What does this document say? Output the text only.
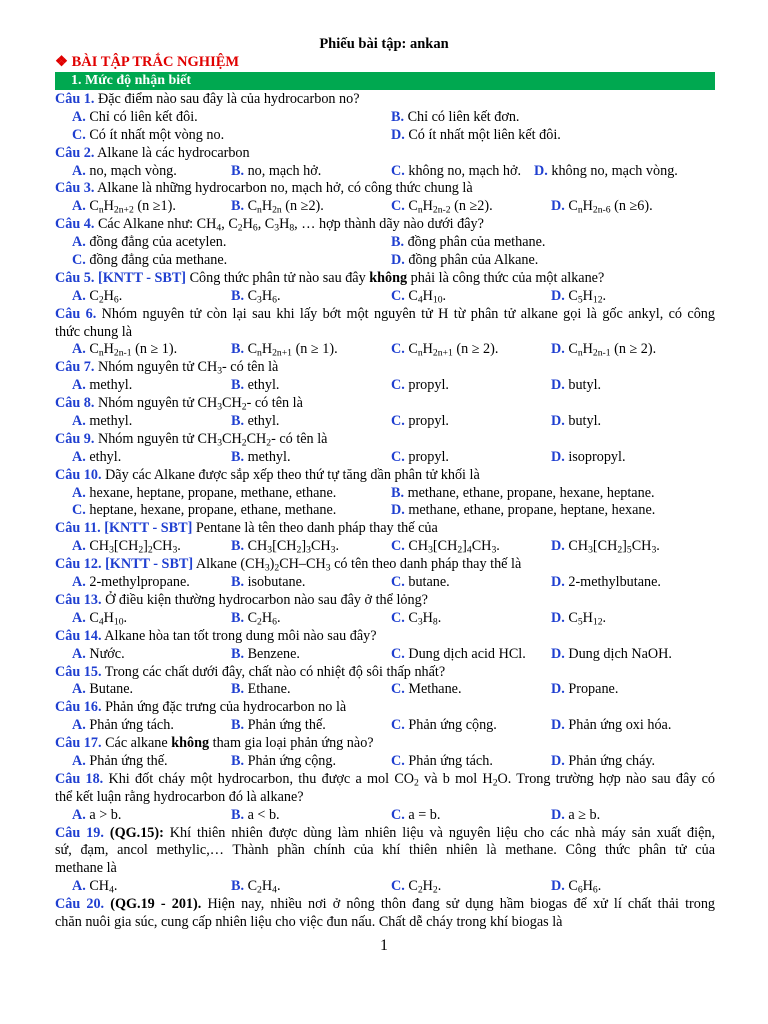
Phiếu bài tập: ankan
❖ BÀI TẬP TRẮC NGHIỆM
1. Mức độ nhận biết
Câu 1. Đặc điểm nào sau đây là của hydrocarbon no?
A. Chỉ có liên kết đôi.	B. Chỉ có liên kết đơn.
C. Có ít nhất một vòng no.	D. Có ít nhất một liên kết đôi.
Câu 2. Alkane là các hydrocarbon
A. no, mạch vòng.	B. no, mạch hở.	C. không no, mạch hở. D. không no, mạch vòng.
Câu 3. Alkane là những hydrocarbon no, mạch hở, có công thức chung là
A. $C_nH_{2n+2}$ (n ≥1).	B. $C_nH_{2n}$ (n ≥2).	C. $C_nH_{2n-2}$ (n ≥2).	D. $C_nH_{2n-6}$ (n ≥6).
Câu 4. Các Alkane như: $CH_4$, $C_2H_6$, $C_3H_8$, … hợp thành dãy nào dưới đây?
A. đồng đẳng của acetylen.	B. đồng phân của methane.
C. đồng đẳng của methane.	D. đồng phân của Alkane.
Câu 5. [KNTT - SBT] Công thức phân tử nào sau đây không phải là công thức của một alkane?
A. $C_2H_6$.	B. $C_3H_6$.	C. $C_4H_{10}$.	D. $C_5H_{12}$.
Câu 6. Nhóm nguyên tử còn lại sau khi lấy bớt một nguyên tử H từ phân tử alkane gọi là gốc ankyl, có công
thức chung là
A. $C_nH_{2n-1}$ (n ≥ 1).	B. $C_nH_{2n+1}$ (n ≥ 1).	C. $C_nH_{2n+1}$ (n ≥ 2).	D. $C_nH_{2n-1}$ (n ≥ 2).
Câu 7. Nhóm nguyên tử $CH_3-$ có tên là
A. methyl.	B. ethyl.	C. propyl.	D. butyl.
Câu 8. Nhóm nguyên tử $CH_3CH_2-$ có tên là
A. methyl.	B. ethyl.	C. propyl.	D. butyl.
Câu 9. Nhóm nguyên tử $CH_3CH_2CH_2-$ có tên là
A. ethyl.	B. methyl.	C. propyl.	D. isopropyl.
Câu 10. Dãy các Alkane được sắp xếp theo thứ tự tăng dần phân tử khối là
A. hexane, heptane, propane, methane, ethane.	B. methane, ethane, propane, hexane, heptane.
C. heptane, hexane, propane, ethane, methane.	D. methane, ethane, propane, heptane, hexane.
Câu 11. [KNTT - SBT] Pentane là tên theo danh pháp thay thế của
A. $CH_3[CH_2]_2CH_3$.	B. $CH_3[CH_2]_3CH_3$.	C. $CH_3[CH_2]_4CH_3$.	D. $CH_3[CH_2]_5CH_3$.
Câu 12. [KNTT - SBT] Alkane $(CH_3)_2CH-CH_3$ có tên theo danh pháp thay thế là
A. 2-methylpropane.	B. isobutane.	C. butane.	D. 2-methylbutane.
Câu 13. Ở điều kiện thường hydrocarbon nào sau đây ở thể lỏng?
A. $C_4H_{10}$.	B. $C_2H_6$.	C. $C_3H_8$.	D. $C_5H_{12}$.
Câu 14. Alkane hòa tan tốt trong dung môi nào sau đây?
A. Nước.	B. Benzene.	C. Dung dịch acid HCl. D. Dung dịch NaOH.
Câu 15. Trong các chất dưới đây, chất nào có nhiệt độ sôi thấp nhất?
A. Butane.	B. Ethane.	C. Methane.	D. Propane.
Câu 16. Phản ứng đặc trưng của hydrocarbon no là
A. Phản ứng tách.	B. Phản ứng thế.	C. Phản ứng cộng.	D. Phản ứng oxi hóa.
Câu 17. Các alkane không tham gia loại phản ứng nào?
A. Phản ứng thế.	B. Phản ứng cộng.	C. Phản ứng tách.	D. Phản ứng cháy.
Câu 18. Khi đốt cháy một hydrocarbon, thu được a mol $CO_2$ và b mol $H_2O$. Trong trường hợp nào sau đây có
thể kết luận rằng hydrocarbon đó là alkane?
A. a > b.	B. a < b.	C. a = b.	D. a ≥ b.
Câu 19. (QG.15): Khí thiên nhiên được dùng làm nhiên liệu và nguyên liệu cho các nhà máy sản xuất điện,
sứ, đạm, ancol methylic,… Thành phần chính của khí thiên nhiên là methane. Công thức phân tử của
methane là
A. $CH_4$.	B. $C_2H_4$.	C. $C_2H_2$.	D. $C_6H_6$.
Câu 20. (QG.19 - 201). Hiện nay, nhiều nơi ở nông thôn đang sử dụng hầm biogas để xử lí chất thải trong
chăn nuôi gia súc, cung cấp nhiên liệu cho việc đun nấu. Chất dễ cháy trong khí biogas là
1
